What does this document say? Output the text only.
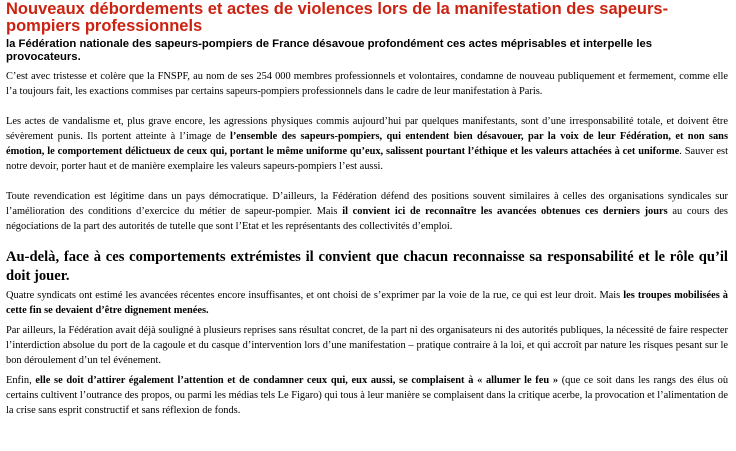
Nouveaux débordements et actes de violences lors de la manifestation des sapeurs-pompiers professionnels

la Fédération nationale des sapeurs-pompiers de France désavoue profondément ces actes méprisables et interpelle les provocateurs.

C’est avec tristesse et colère que la FNSPF, au nom de ses 254 000 membres professionnels et volontaires, condamne de nouveau publiquement et fermement, comme elle l’a toujours fait, les exactions commises par certains sapeurs-pompiers professionnels dans le cadre de leur manifestation à Paris.

Les actes de vandalisme et, plus grave encore, les agressions physiques commis aujourd’hui par quelques manifestants, sont d’une irresponsabilité totale, et doivent être sévèrement punis. Ils portent atteinte à l’image de l’ensemble des sapeurs-pompiers, qui entendent bien désavouer, par la voix de leur Fédération, et non sans émotion, le comportement délictueux de ceux qui, portant le même uniforme qu’eux, salissent pourtant l’éthique et les valeurs attachées à cet uniforme. Sauver est notre devoir, porter haut et de manière exemplaire les valeurs sapeurs-pompiers l’est aussi.

Toute revendication est légitime dans un pays démocratique. D’ailleurs, la Fédération défend des positions souvent similaires à celles des organisations syndicales sur l’amélioration des conditions d’exercice du métier de sapeur-pompier. Mais il convient ici de reconnaître les avancées obtenues ces derniers jours au cours des négociations de la part des autorités de tutelle que sont l’Etat et les représentants des collectivités d’emploi.

Au-delà, face à ces comportements extrémistes il convient que chacun reconnaisse sa responsabilité et le rôle qu’il doit jouer.

Quatre syndicats ont estimé les avancées récentes encore insuffisantes, et ont choisi de s’exprimer par la voie de la rue, ce qui est leur droit. Mais les troupes mobilisées à cette fin se devaient d’être dignement menées.

Par ailleurs, la Fédération avait déjà souligné à plusieurs reprises sans résultat concret, de la part ni des organisateurs ni des autorités publiques, la nécessité de faire respecter l’interdiction absolue du port de la cagoule et du casque d’intervention lors d’une manifestation – pratique contraire à la loi, et qui accroît par nature les risques pesant sur le bon déroulement d’un tel événement.

Enfin, elle se doit d’attirer également l’attention et de condamner ceux qui, eux aussi, se complaisent à « allumer le feu » (que ce soit dans les rangs des élus où certains cultivent l’outrance des propos, ou parmi les médias tels Le Figaro) qui tous à leur manière se complaisent dans la critique acerbe, la provocation et l’alimentation de la crise sans esprit constructif et sans réflexion de fonds.
